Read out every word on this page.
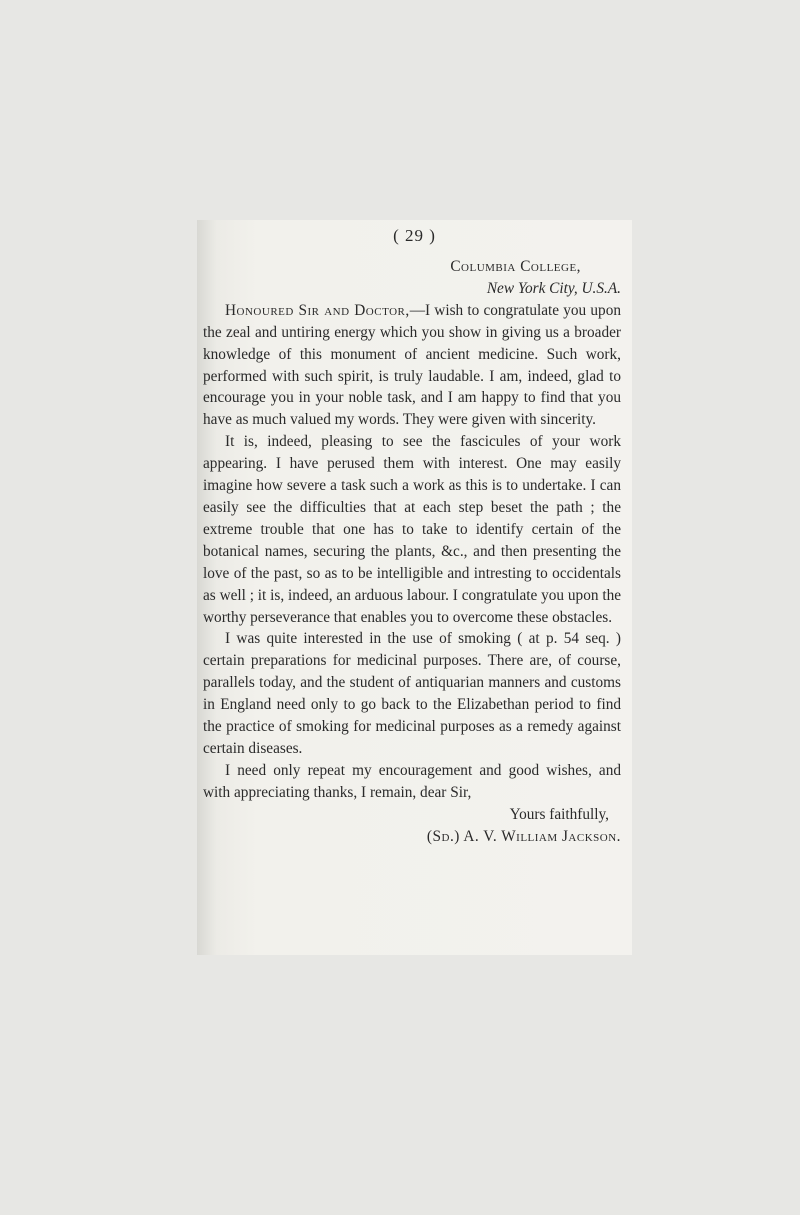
( 29 )

Columbia College,

New York City, U.S.A.

Honoured Sir and Doctor,—I wish to congratulate you upon the zeal and untiring energy which you show in giving us a broader knowledge of this monument of ancient medicine. Such work, performed with such spirit, is truly laudable. I am, indeed, glad to encourage you in your noble task, and I am happy to find that you have as much valued my words. They were given with sincerity.

It is, indeed, pleasing to see the fascicules of your work appearing. I have perused them with interest. One may easily imagine how severe a task such a work as this is to undertake. I can easily see the difficulties that at each step beset the path ; the extreme trouble that one has to take to identify certain of the botanical names, securing the plants, &c., and then presenting the love of the past, so as to be intelligible and intresting to occidentals as well ; it is, indeed, an arduous labour. I congratulate you upon the worthy perseverance that enables you to overcome these obstacles.

I was quite interested in the use of smoking ( at p. 54 seq. ) certain preparations for medicinal purposes. There are, of course, parallels today, and the student of antiquarian manners and customs in England need only to go back to the Elizabethan period to find the practice of smoking for medicinal purposes as a remedy against certain diseases.

I need only repeat my encouragement and good wishes, and with appreciating thanks, I remain, dear Sir,

Yours faithfully,

(Sd.) A. V. William Jackson.
